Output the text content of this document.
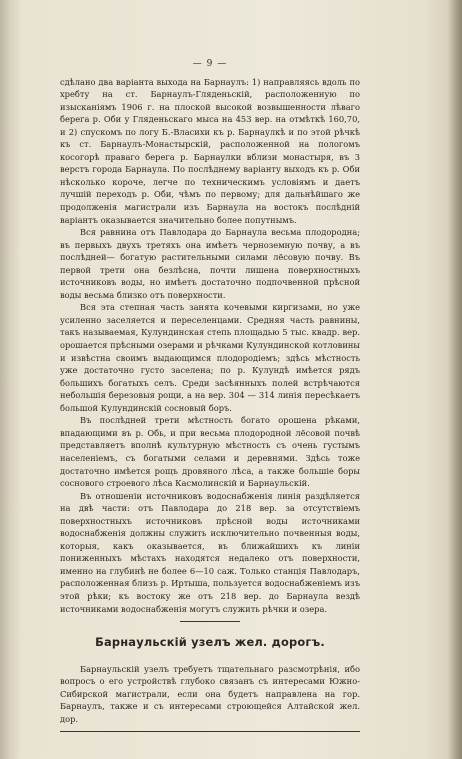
— 9 —

сдѣлано два варіанта выхода на Барнаулъ: 1) направляясь вдоль по хребту на ст. Барнаулъ-Гляденьскій, расположенную по изысканіямъ 1906 г. на плоской высокой возвышенности лѣваго берега р. Оби у Гляденьскаго мыса на 453 вер. на отмѣткѣ 160,70, и 2) спускомъ по логу Б.-Власихи къ р. Барнаулкѣ и по этой рѣчкѣ къ ст. Барнаулъ-Монастырскій, расположенной на пологомъ косогорѣ праваго берега р. Барнаулки вблизи монастыря, въ 3 верстъ города Барнаула. По послѣднему варіанту выходъ къ р. Оби нѣсколько короче, легче по техническимъ условіямъ и даетъ лучшій переходъ р. Оби, чѣмъ по первому; для дальнѣйшаго же продолженія магистрали изъ Барнаула на востокъ послѣдній варіантъ оказывается значительно более попутнымъ.

Вся равнина отъ Павлодара до Барнаула весьма плодородна; въ первыхъ двухъ третяхъ она имѣетъ черноземную почву, а въ послѣдней— богатую растительными силами лёсовую почву. Въ первой трети она безлѣсна, почти лишена поверхностныхъ источниковъ воды, но имѣетъ достаточно подпочвенной прѣсной воды весьма близко отъ поверхности.

Вся эта степная часть занята кочевыми киргизами, но уже усиленно заселяется и переселенцами. Средняя часть равнины, такъ называемая, Кулундинская степь площадью 5 тыс. квадр. вер. орошается прѣсными озерами и рѣчками Кулундинской котловины и извѣстна своимъ выдающимся плодородіемъ; здѣсь мѣстность уже достаточно густо заселена; по р. Кулундѣ имѣется рядъ большихъ богатыхъ селъ. Среди засѣянныхъ полей встрѣчаются небольшія березовыя рощи, а на вер. 304 — 314 линія пересѣкаетъ большой Кулундинскій сосновый боръ.

Въ послѣдней трети мѣстность богато орошена рѣками, впадающими въ р. Обь, и при весьма плодородной лёсовой почвѣ представляетъ вполнѣ культурную мѣстность съ очень густымъ населеніемъ, съ богатыми селами и деревнями. Здѣсь тоже достаточно имѣется рощъ дровяного лѣса, а также большіе боры соснового строевого лѣса Касмолинскій и Барнаульскій.

Въ отношеніи источниковъ водоснабженія линія раздѣляется на двѣ части: отъ Павлодара до 218 вер. за отсутствіемъ поверхностныхъ источниковъ прѣсной воды источниками водоснабженія должны служить исключительно почвенныя воды, которыя, какъ оказывается, въ ближайшихъ къ линіи пониженныхъ мѣстахъ находятся недалеко отъ поверхности, именно на глубинѣ не более 6—10 саж. Только станція Павлодаръ, расположенная близъ р. Иртыша, пользуется водоснабженіемъ изъ этой рѣки; къ востоку же отъ 218 вер. до Барнаула вездѣ источниками водоснабженія могутъ служить рѣчки и озера.

Барнаульскій узелъ жел. дорогъ.

Барнаульскій узелъ требуетъ тщательнаго разсмотрѣнія, ибо вопросъ о его устройствѣ глубоко связанъ съ интересами Южно-Сибирской магистрали, если она будетъ направлена на гор. Барнаулъ, также и съ интересами строющейся Алтайской жел. дор.
